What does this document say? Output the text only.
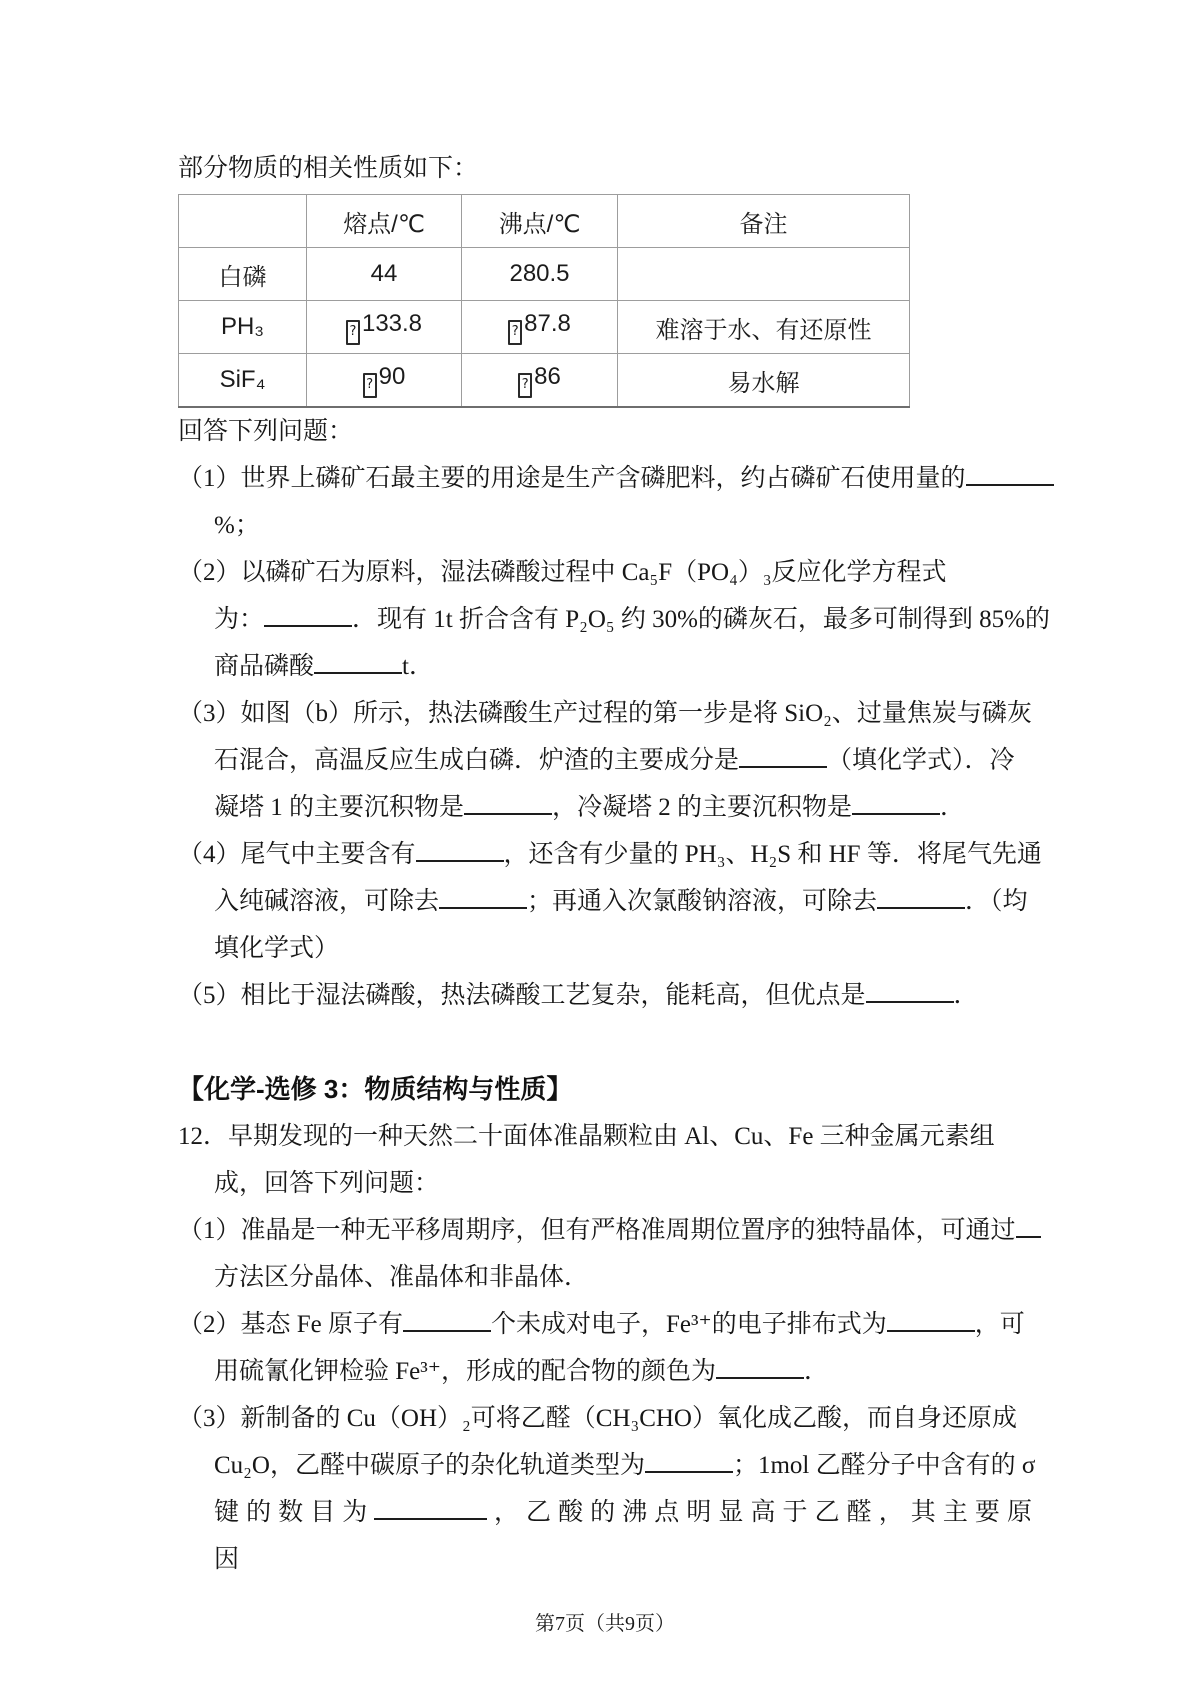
部分物质的相关性质如下：

	熔点/℃	沸点/℃	备注
白磷	44	280.5	
PH₃	? 133.8	? 87.8	难溶于水、有还原性
SiF₄	? 90	? 86	易水解

回答下列问题：

（1）世界上磷矿石最主要的用途是生产含磷肥料，约占磷矿石使用量的
%；
（2）以磷矿石为原料，湿法磷酸过程中 Ca₅F（PO₄）₃反应化学方程式
为：	．现有 1t 折合含有 P₂O₅ 约 30%的磷灰石，最多可制得到 85%的
商品磷酸	t．
（3）如图（b）所示，热法磷酸生产过程的第一步是将 SiO₂、过量焦炭与磷灰
石混合，高温反应生成白磷．炉渣的主要成分是	（填化学式）．冷
凝塔 1 的主要沉积物是	，冷凝塔 2 的主要沉积物是	．
（4）尾气中主要含有	，还含有少量的 PH₃、H₂S 和 HF 等．将尾气先通
入纯碱溶液，可除去	；再通入次氯酸钠溶液，可除去	．（均
填化学式）
（5）相比于湿法磷酸，热法磷酸工艺复杂，能耗高，但优点是	．
【化学-选修 3：物质结构与性质】
12．早期发现的一种天然二十面体准晶颗粒由 Al、Cu、Fe 三种金属元素组
成，回答下列问题：
（1）准晶是一种无平移周期序，但有严格准周期位置序的独特晶体，可通过
方法区分晶体、准晶体和非晶体．
（2）基态 Fe 原子有	个未成对电子，Fe³⁺的电子排布式为	，可
用硫氰化钾检验 Fe³⁺，形成的配合物的颜色为	．
（3）新制备的 Cu（OH）₂可将乙醛（CH₃CHO）氧化成乙酸，而自身还原成
Cu₂O，乙醛中碳原子的杂化轨道类型为	；1mol 乙醛分子中含有的 σ
键 的 数 目 为	， 乙 酸 的 沸 点 明 显 高 于 乙 醛 ， 其 主 要 原 因

第7页（共9页）
